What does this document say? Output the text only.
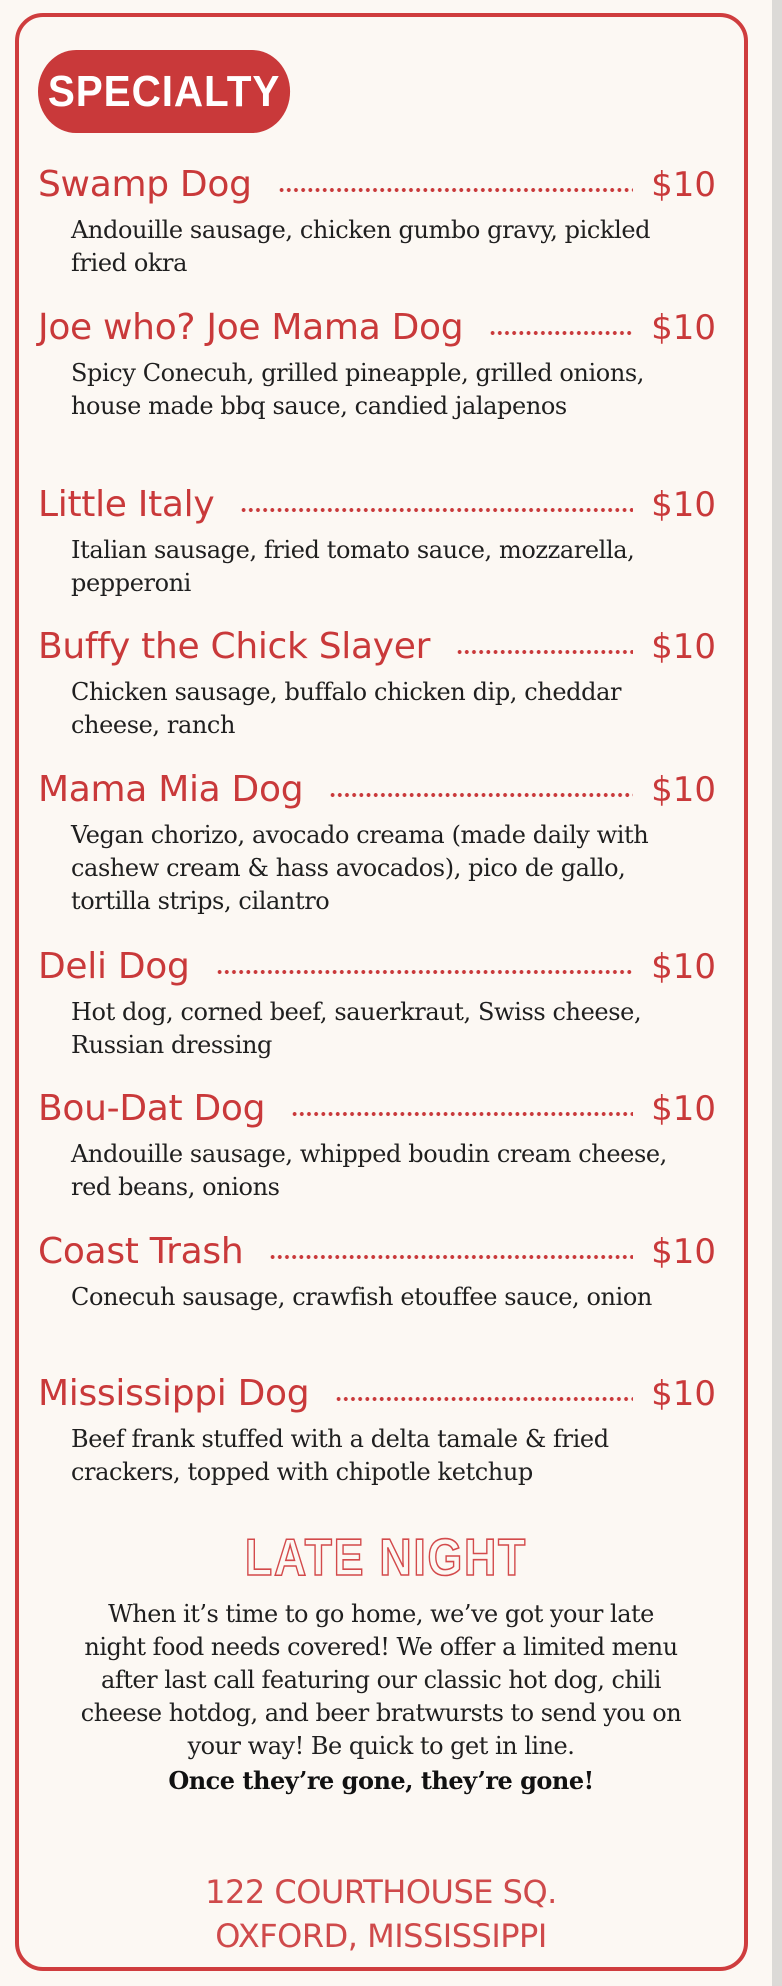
SPECIALTY
Swamp Dog	$10
Andouille sausage, chicken gumbo gravy, pickled fried okra
Joe who? Joe Mama Dog	$10
Spicy Conecuh, grilled pineapple, grilled onions, house made bbq sauce, candied jalapenos
Little Italy	$10
Italian sausage, fried tomato sauce, mozzarella, pepperoni
Buffy the Chick Slayer	$10
Chicken sausage, buffalo chicken dip, cheddar cheese, ranch
Mama Mia Dog	$10
Vegan chorizo, avocado creama (made daily with cashew cream & hass avocados), pico de gallo, tortilla strips, cilantro
Deli Dog	$10
Hot dog, corned beef, sauerkraut, Swiss cheese, Russian dressing
Bou-Dat Dog	$10
Andouille sausage, whipped boudin cream cheese, red beans, onions
Coast Trash	$10
Conecuh sausage, crawfish etouffee sauce, onion
Mississippi Dog	$10
Beef frank stuffed with a delta tamale & fried crackers, topped with chipotle ketchup
LATE NIGHT
When it’s time to go home, we’ve got your late night food needs covered! We offer a limited menu after last call featuring our classic hot dog, chili cheese hotdog, and beer bratwursts to send you on your way! Be quick to get in line.
Once they’re gone, they’re gone!
122 COURTHOUSE SQ.
OXFORD, MISSISSIPPI
